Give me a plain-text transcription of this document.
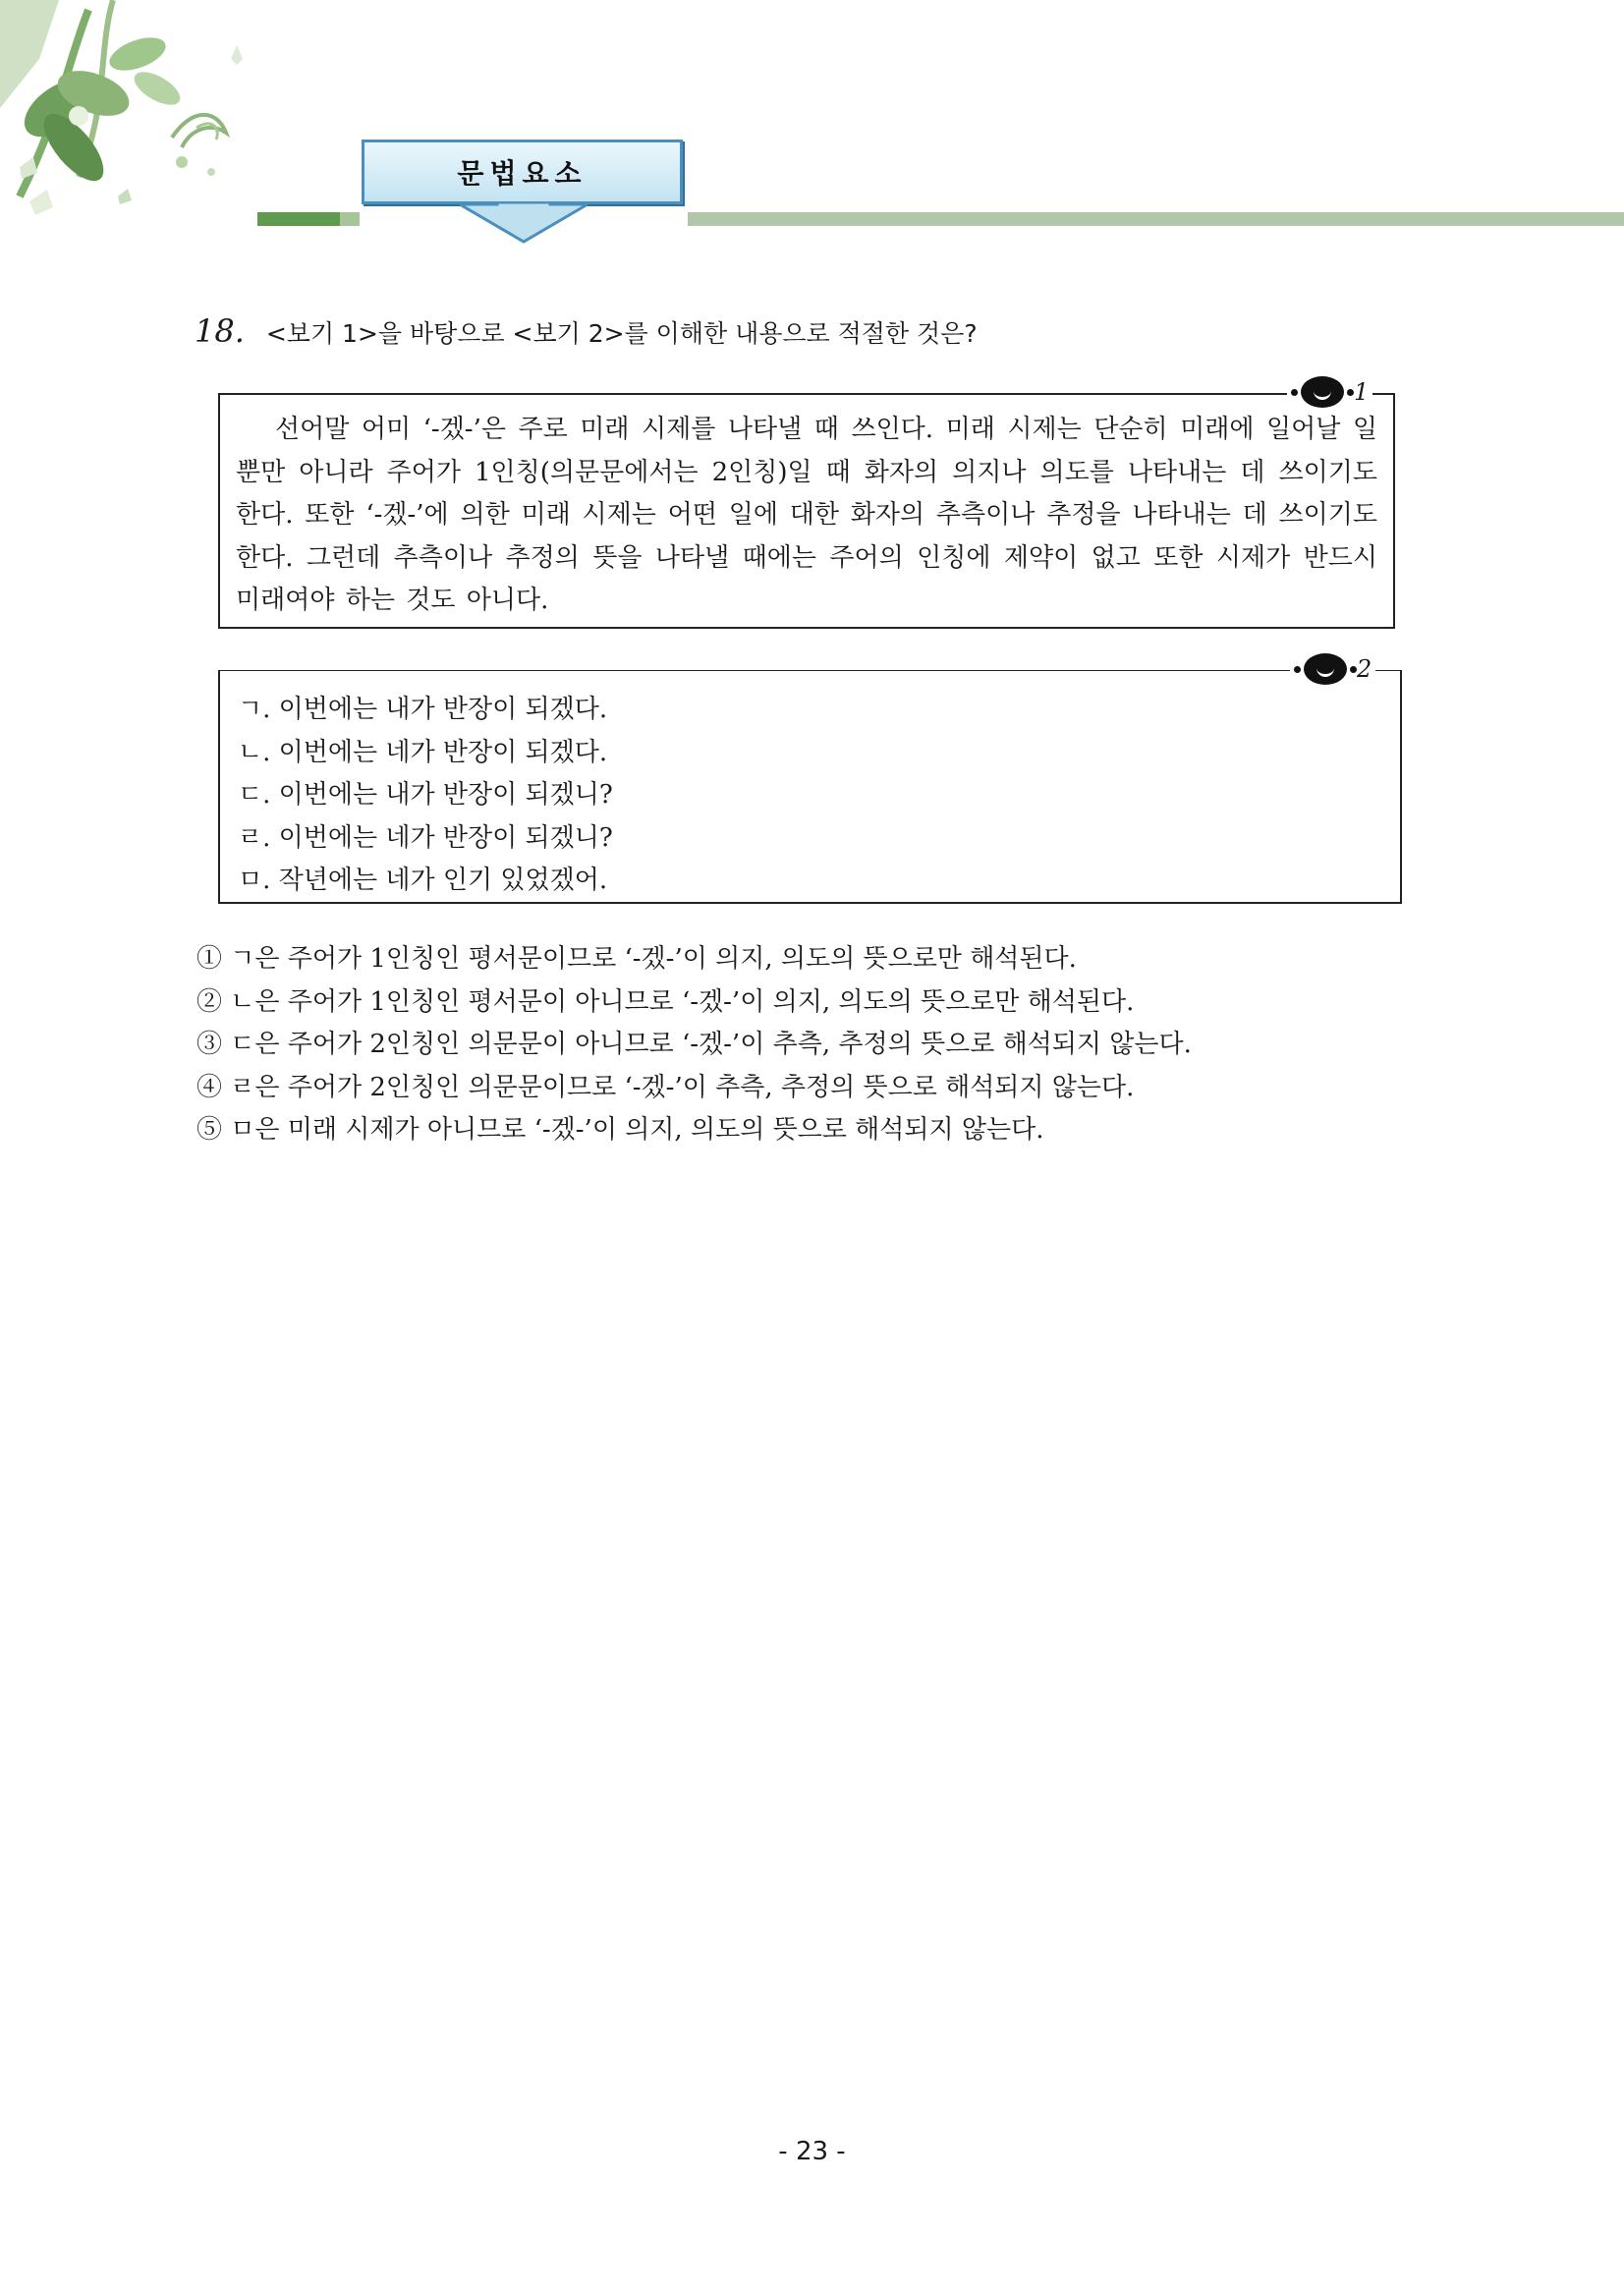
문법요소
18. <보기 1>을 바탕으로 <보기 2>를 이해한 내용으로 적절한 것은?

선어말 어미 ‘-겠-’은 주로 미래 시제를 나타낼 때 쓰인다. 미래 시제는 단순히 미래에 일어날 일뿐만 아니라 주어가 1인칭(의문문에서는 2인칭)일 때 화자의 의지나 의도를 나타내는 데 쓰이기도 한다. 또한 ‘-겠-’에 의한 미래 시제는 어떤 일에 대한 화자의 추측이나 추정을 나타내는 데 쓰이기도 한다. 그런데 추측이나 추정의 뜻을 나타낼 때에는 주어의 인칭에 제약이 없고 또한 시제가 반드시 미래여야 하는 것도 아니다.

1
ㄱ. 이번에는 내가 반장이 되겠다.
ㄴ. 이번에는 네가 반장이 되겠다.
ㄷ. 이번에는 내가 반장이 되겠니?
ㄹ. 이번에는 네가 반장이 되겠니?
ㅁ. 작년에는 네가 인기 있었겠어.
2
① ㄱ은 주어가 1인칭인 평서문이므로 ‘-겠-’이 의지, 의도의 뜻으로만 해석된다.
② ㄴ은 주어가 1인칭인 평서문이 아니므로 ‘-겠-’이 의지, 의도의 뜻으로만 해석된다.
③ ㄷ은 주어가 2인칭인 의문문이 아니므로 ‘-겠-’이 추측, 추정의 뜻으로 해석되지 않는다.
④ ㄹ은 주어가 2인칭인 의문문이므로 ‘-겠-’이 추측, 추정의 뜻으로 해석되지 않는다.
⑤ ㅁ은 미래 시제가 아니므로 ‘-겠-’이 의지, 의도의 뜻으로 해석되지 않는다.
- 23 -
